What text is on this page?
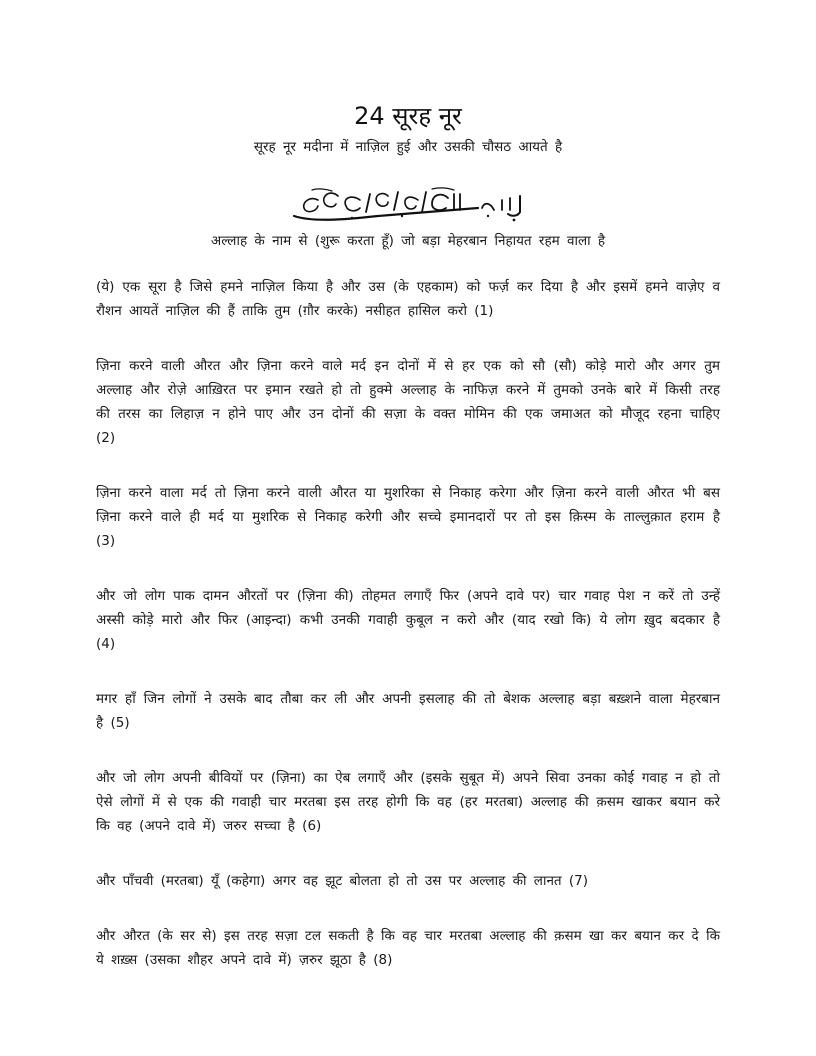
24 सूरह नूर
सूरह नूर मदीना में नाज़िल हुई और उसकी चौसठ आयते है
अल्लाह के नाम से (शुरू करता हूँ) जो बड़ा मेहरबान निहायत रहम वाला है

(ये) एक सूरा है जिसे हमने नाज़िल किया है और उस (के एहकाम) को फर्ज़ कर दिया है और इसमें हमने वाज़ेए व रौशन आयतें नाज़िल की हैं ताकि तुम (ग़ौर करके) नसीहत हासिल करो (1)

ज़िना करने वाली औरत और ज़िना करने वाले मर्द इन दोनों में से हर एक को सौ (सौ) कोड़े मारो और अगर तुम अल्लाह और रोज़े आख़िरत पर इमान रखते हो तो हुक्मे अल्लाह के नाफिज़ करने में तुमको उनके बारे में किसी तरह की तरस का लिहाज़ न होने पाए और उन दोनों की सज़ा के वक्त मोमिन की एक जमाअत को मौजूद रहना चाहिए (2)

ज़िना करने वाला मर्द तो ज़िना करने वाली औरत या मुशरिका से निकाह करेगा और ज़िना करने वाली औरत भी बस ज़िना करने वाले ही मर्द या मुशरिक से निकाह करेगी और सच्चे इमानदारों पर तो इस क़िस्म के ताल्लुक़ात हराम है (3)

और जो लोग पाक दामन औरतों पर (ज़िना की) तोहमत लगाएँ फिर (अपने दावे पर) चार गवाह पेश न करें तो उन्हें अस्सी कोड़े मारो और फिर (आइन्दा) कभी उनकी गवाही कुबूल न करो और (याद रखो कि) ये लोग ख़ुद बदकार है (4)

मगर हाँ जिन लोगों ने उसके बाद तौबा कर ली और अपनी इसलाह की तो बेशक अल्लाह बड़ा बख़्शने वाला मेहरबान है (5)

और जो लोग अपनी बीवियों पर (ज़िना) का ऐब लगाएँ और (इसके सुबूत में) अपने सिवा उनका कोई गवाह न हो तो ऐसे लोगों में से एक की गवाही चार मरतबा इस तरह होगी कि वह (हर मरतबा) अल्लाह की क़सम खाकर बयान करे कि वह (अपने दावे में) जरुर सच्चा है (6)

और पाँचवी (मरतबा) यूँ (कहेगा) अगर वह झूट बोलता हो तो उस पर अल्लाह की लानत (7)

और औरत (के सर से) इस तरह सज़ा टल सकती है कि वह चार मरतबा अल्लाह की क़सम खा कर बयान कर दे कि ये शख़्स (उसका शौहर अपने दावे में) ज़रुर झूठा है (8)
